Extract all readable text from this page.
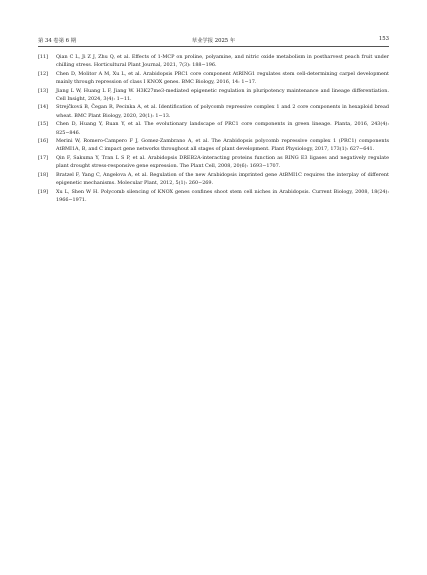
第 34 卷第 6 期	草业学报 2025 年	153
[11]	Qian C L, Ji Z J, Zhu Q, et al. Effects of 1-MCP on proline, polyamine, and nitric oxide metabolism in postharvest peach fruit under chilling stress. Horticultural Plant Journal, 2021, 7(3): 188−196.
[12]	Chen D, Molitor A M, Xu L, et al. Arabidopsis PRC1 core component AtRING1 regulates stem cell-determining carpel development mainly through repression of class I KNOX genes. BMC Biology, 2016, 14: 1−17.
[13]	Jiang L W, Huang L F, Jiang W. H3K27me3-mediated epigenetic regulation in pluripotency maintenance and lineage differentiation. Cell Insight, 2024, 3(4): 1−11.
[14]	Strejčková B, Čegan R, Pecinka A, et al. Identification of polycomb repressive complex 1 and 2 core components in hexaploid bread wheat. BMC Plant Biology, 2020, 20(1): 1−13.
[15]	Chen D, Huang Y, Ruan Y, et al. The evolutionary landscape of PRC1 core components in green lineage. Planta, 2016, 243(4): 825−846.
[16]	Merini W, Romero-Campero F J, Gomez-Zambrano A, et al. The Arabidopsis polycomb repressive complex 1 (PRC1) components AtBMI1A, B, and C impact gene networks throughout all stages of plant development. Plant Physiology, 2017, 173(1): 627−641.
[17]	Qin F, Sakuma Y, Tran L S P, et al. Arabidopsis DREB2A-interacting proteins function as RING E3 ligases and negatively regulate plant drought stress-responsive gene expression. The Plant Cell, 2008, 20(6): 1693−1707.
[18]	Bratzel F, Yang C, Angelova A, et al. Regulation of the new Arabidopsis imprinted gene AtBMI1C requires the interplay of different epigenetic mechanisms. Molecular Plant, 2012, 5(1): 260−269.
[19]	Xu L, Shen W H. Polycomb silencing of KNOX genes confines shoot stem cell niches in Arabidopsis. Current Biology, 2008, 18(24): 1966−1971.
